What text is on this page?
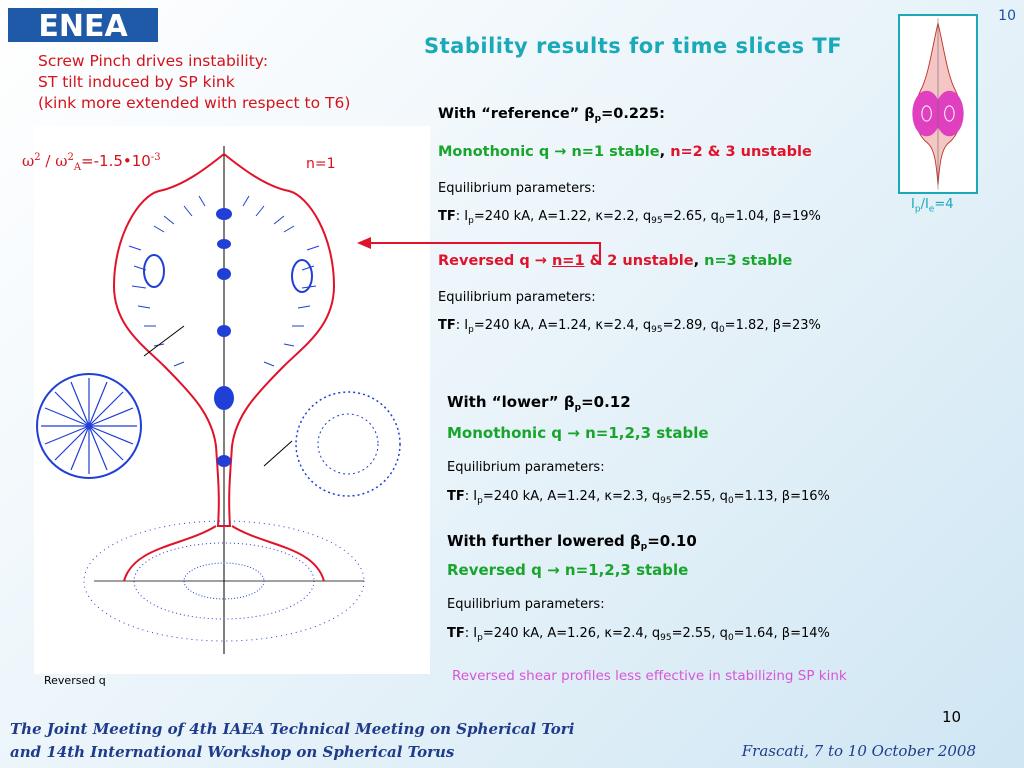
ENEA	10
Stability results for time slices TF
Screw Pinch drives instability:
ST tilt induced by SP kink
(kink more extended with respect to T6)
$\omega^2$ / $\omega^2_A=-1.5•10^{-3}$	n=1
Reversed q
$I_p/I_e=4$
With “reference” $\beta_p=0.225$:
Monothonic q → n=1 stable, n=2 & 3 unstable
Equilibrium parameters:
TF: $I_p=240$ kA, A=1.22, κ=2.2, $q_{95}=2.65$, $q_0=1.04$, β=19%
Reversed q → n=1 & 2 unstable, n=3 stable
Equilibrium parameters:
TF: $I_p=240$ kA, A=1.24, κ=2.4, $q_{95}=2.89$, $q_0=1.82$, β=23%
With “lower” $\beta_p=0.12$
Monothonic q → n=1,2,3 stable
Equilibrium parameters:
TF: $I_p=240$ kA, A=1.24, κ=2.3, $q_{95}=2.55$, $q_0=1.13$, β=16%
With further lowered $\beta_p=0.10$
Reversed q → n=1,2,3 stable
Equilibrium parameters:
TF: $I_p=240$ kA, A=1.26, κ=2.4, $q_{95}=2.55$, $q_0=1.64$, β=14%
Reversed shear profiles less effective in stabilizing SP kink
10
The Joint Meeting of 4th IAEA Technical Meeting on Spherical Tori
and 14th International Workshop on Spherical Torus	Frascati, 7 to 10 October 2008
